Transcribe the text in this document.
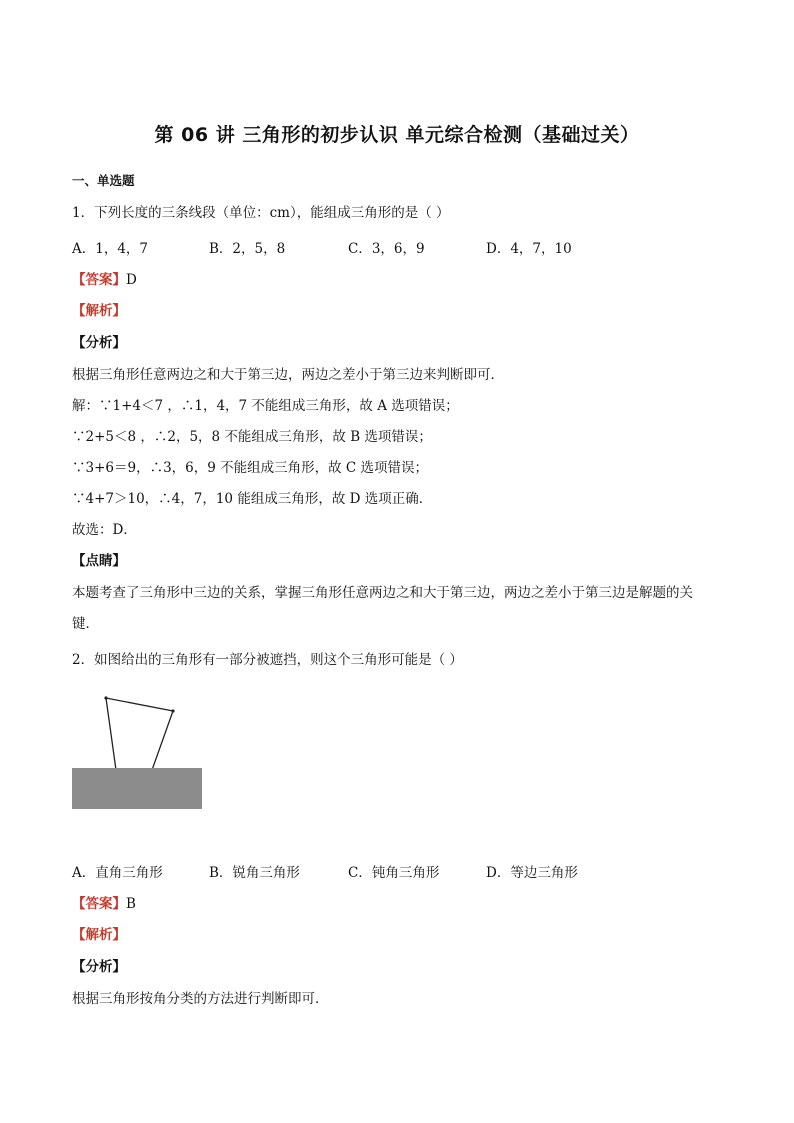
第 06 讲 三角形的初步认识 单元综合检测（基础过关）
一、单选题
1．下列长度的三条线段（单位：cm），能组成三角形的是（ ）
A．1，4，7	B．2，5，8	C．3，6，9	D．4，7，10
【答案】D
【解析】
【分析】
根据三角形任意两边之和大于第三边，两边之差小于第三边来判断即可．
解：∵1+4＜7 ，∴1，4，7 不能组成三角形，故 A 选项错误；
∵2+5＜8 ，∴2，5，8 不能组成三角形，故 B 选项错误；
∵3+6＝9，∴3，6，9 不能组成三角形，故 C 选项错误；
∵4+7＞10，∴4，7，10 能组成三角形，故 D 选项正确．
故选：D．
【点睛】
本题考查了三角形中三边的关系，掌握三角形任意两边之和大于第三边，两边之差小于第三边是解题的关
键．
2．如图给出的三角形有一部分被遮挡，则这个三角形可能是（ ）
A．直角三角形	B．锐角三角形	C．钝角三角形	D．等边三角形
【答案】B
【解析】
【分析】
根据三角形按角分类的方法进行判断即可．
